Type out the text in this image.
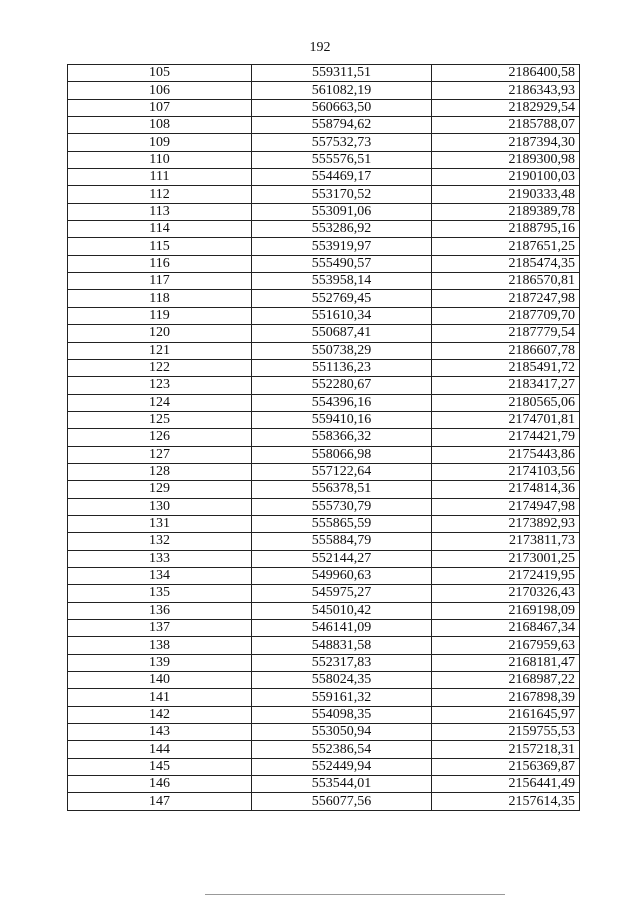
192
105	559311,51	2186400,58
106	561082,19	2186343,93
107	560663,50	2182929,54
108	558794,62	2185788,07
109	557532,73	2187394,30
110	555576,51	2189300,98
111	554469,17	2190100,03
112	553170,52	2190333,48
113	553091,06	2189389,78
114	553286,92	2188795,16
115	553919,97	2187651,25
116	555490,57	2185474,35
117	553958,14	2186570,81
118	552769,45	2187247,98
119	551610,34	2187709,70
120	550687,41	2187779,54
121	550738,29	2186607,78
122	551136,23	2185491,72
123	552280,67	2183417,27
124	554396,16	2180565,06
125	559410,16	2174701,81
126	558366,32	2174421,79
127	558066,98	2175443,86
128	557122,64	2174103,56
129	556378,51	2174814,36
130	555730,79	2174947,98
131	555865,59	2173892,93
132	555884,79	2173811,73
133	552144,27	2173001,25
134	549960,63	2172419,95
135	545975,27	2170326,43
136	545010,42	2169198,09
137	546141,09	2168467,34
138	548831,58	2167959,63
139	552317,83	2168181,47
140	558024,35	2168987,22
141	559161,32	2167898,39
142	554098,35	2161645,97
143	553050,94	2159755,53
144	552386,54	2157218,31
145	552449,94	2156369,87
146	553544,01	2156441,49
147	556077,56	2157614,35
